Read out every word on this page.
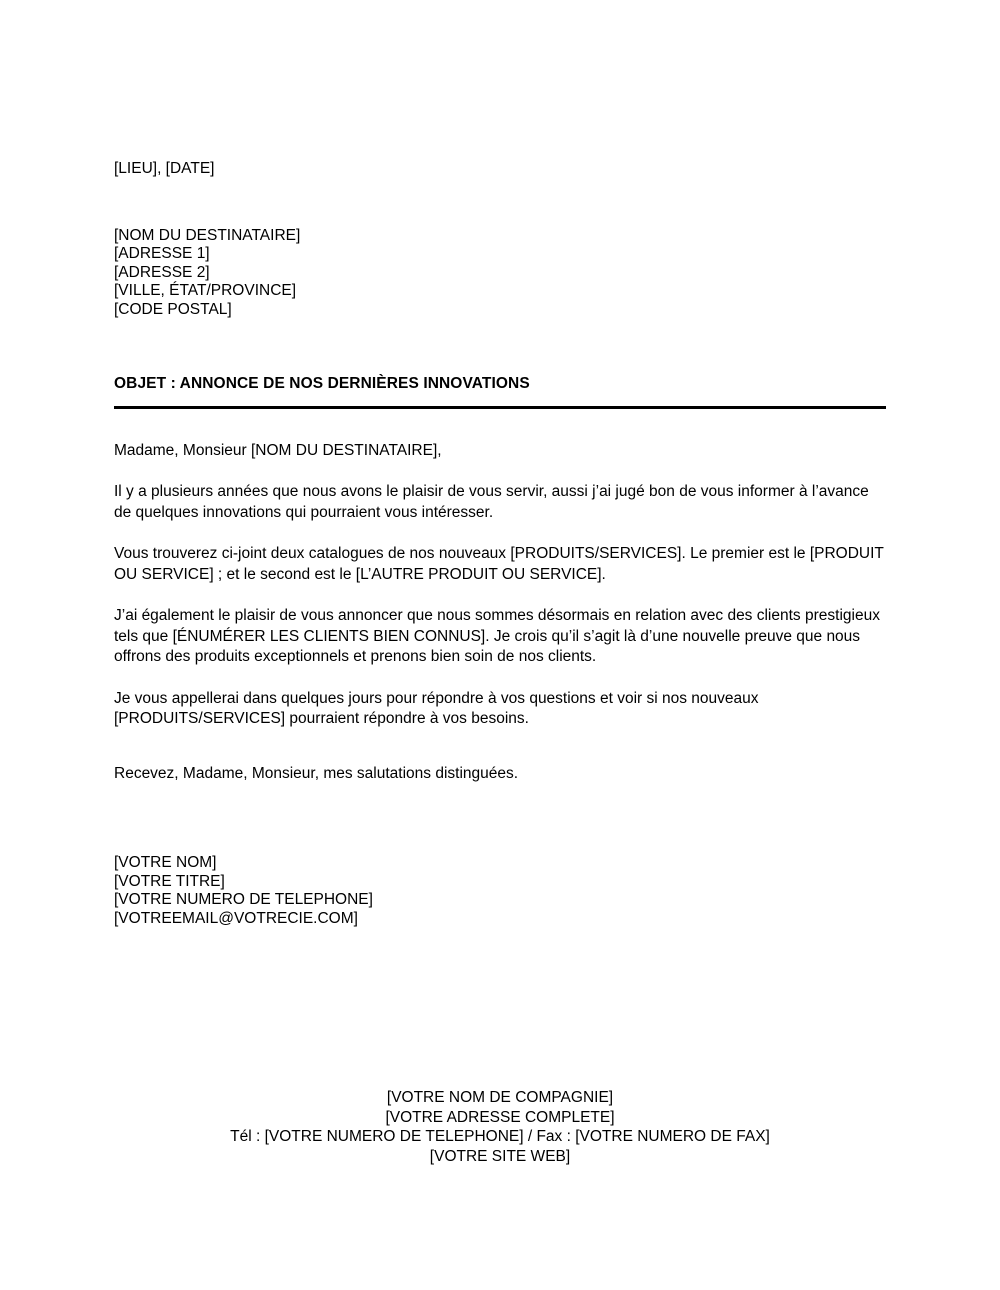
[LIEU], [DATE]
[NOM DU DESTINATAIRE]
[ADRESSE 1]
[ADRESSE 2]
[VILLE, ÉTAT/PROVINCE]
[CODE POSTAL]
OBJET : ANNONCE DE NOS DERNIÈRES INNOVATIONS
Madame, Monsieur [NOM DU DESTINATAIRE],
Il y a plusieurs années que nous avons le plaisir de vous servir, aussi j’ai jugé bon de vous informer à l’avance de quelques innovations qui pourraient vous intéresser.
Vous trouverez ci-joint deux catalogues de nos nouveaux [PRODUITS/SERVICES]. Le premier est le [PRODUIT OU SERVICE] ; et le second est le [L’AUTRE PRODUIT OU SERVICE].
J’ai également le plaisir de vous annoncer que nous sommes désormais en relation avec des clients prestigieux tels que [ÉNUMÉRER LES CLIENTS BIEN CONNUS]. Je crois qu’il s’agit là d’une nouvelle preuve que nous offrons des produits exceptionnels et prenons bien soin de nos clients.
Je vous appellerai dans quelques jours pour répondre à vos questions et voir si nos nouveaux [PRODUITS/SERVICES] pourraient répondre à vos besoins.
Recevez, Madame, Monsieur, mes salutations distinguées.
[VOTRE NOM]
[VOTRE TITRE]
[VOTRE NUMERO DE TELEPHONE]
[VOTREEMAIL@VOTRECIE.COM]
[VOTRE NOM DE COMPAGNIE]
[VOTRE ADRESSE COMPLETE]
Tél : [VOTRE NUMERO DE TELEPHONE] / Fax : [VOTRE NUMERO DE FAX]
[VOTRE SITE WEB]
